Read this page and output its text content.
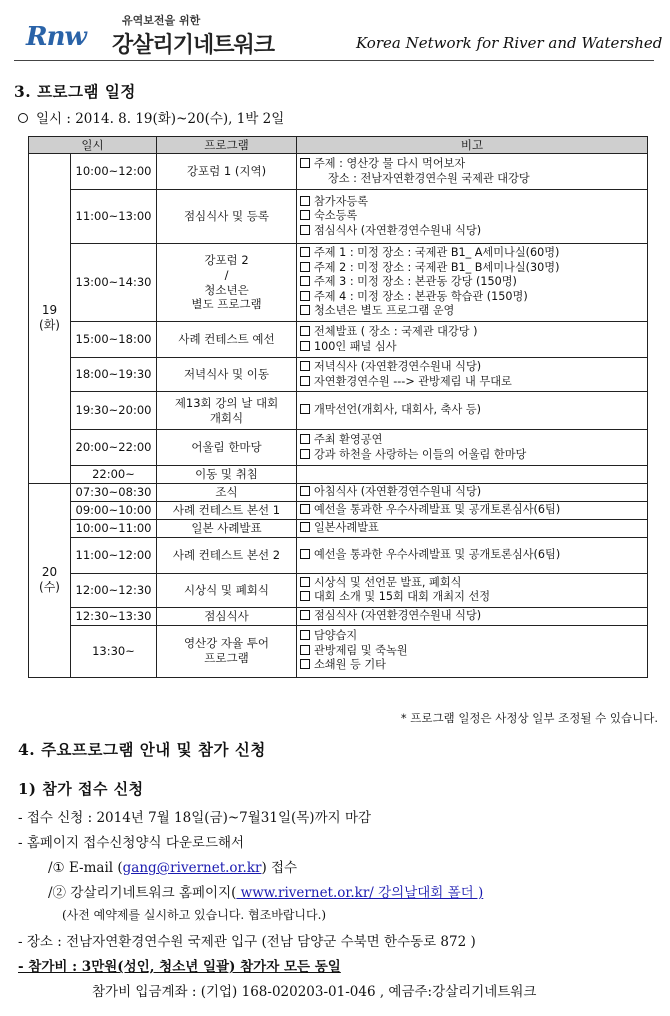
Rnw
유역보전을 위한
강살리기네트워크	Korea Network for River and Watershed
3. 프로그램 일정
일시 : 2014. 8. 19(화)~20(수), 1박 2일
일시		프로그램	비고
19
(화)	10:00~12:00	강포럼 1 (지역)	주제 : 영산강 물 다시 먹어보자
장소 : 전남자연환경연수원 국제관 대강당

	11:00~13:00	점심식사 및 등록	참가자등록
숙소등록
점심식사 (자연환경연수원내 식당)

	13:00~14:30	강포럼 2
/
청소년은
별도 프로그램	주제 1 : 미정 장소 : 국제관 B1_ A세미나실(60명)
주제 2 : 미정 장소 : 국제관 B1_ B세미나실(30명)
주제 3 : 미정 장소 : 본관동 강당 (150명)
주제 4 : 미정 장소 : 본관동 학습관 (150명)
청소년은 별도 프로그램 운영

	15:00~18:00	사례 컨테스트 예선	전체발표 ( 장소 : 국제관 대강당 )
100인 패널 심사

	18:00~19:30	저녁식사 및 이동	저녁식사 (자연환경연수원내 식당)
자연환경연수원 ---> 관방제림 내 무대로

	19:30~20:00	제13회 강의 날 대회
개회식	개막선언(개회사, 대회사, 축사 등)

	20:00~22:00	어울림 한마당	주최 환영공연
강과 하천을 사랑하는 이들의 어울림 한마당

	22:00~	이동 및 취침	
20
(수)	07:30~08:30	조식	아침식사 (자연환경연수원내 식당)

	09:00~10:00	사례 컨테스트 본선 1	예선을 통과한 우수사례발표 및 공개토론심사(6팀)

	10:00~11:00	일본 사례발표	일본사례발표

	11:00~12:00	사례 컨테스트 본선 2	예선을 통과한 우수사례발표 및 공개토론심사(6팀)

	12:00~12:30	시상식 및 폐회식	시상식 및 선언문 발표, 폐회식
대회 소개 및 15회 대회 개최지 선정

	12:30~13:30	점심식사	점심식사 (자연환경연수원내 식당)

	13:30~	영산강 자율 투어
프로그램	담양습지
관방제림 및 죽녹원
소쇄원 등 기타
* 프로그램 일정은 사정상 일부 조정될 수 있습니다.
4. 주요프로그램 안내 및 참가 신청
1) 참가 접수 신청
- 접수 신청 : 2014년 7월 18일(금)~7월31일(목)까지 마감
- 홈페이지 접수신청양식 다운로드해서
/① E-mail (gang@rivernet.or.kr) 접수
/② 강살리기네트워크 홈페이지( www.rivernet.or.kr/ 강의날대회 폴더 )
(사전 예약제를 실시하고 있습니다. 협조바랍니다.)
- 장소 : 전남자연환경연수원 국제관 입구 (전남 담양군 수북면 한수동로 872 )
- 참가비 : 3만원(성인, 청소년 일괄) 참가자 모든 동일
참가비 입금계좌 : (기업) 168-020203-01-046 , 예금주:강살리기네트워크
